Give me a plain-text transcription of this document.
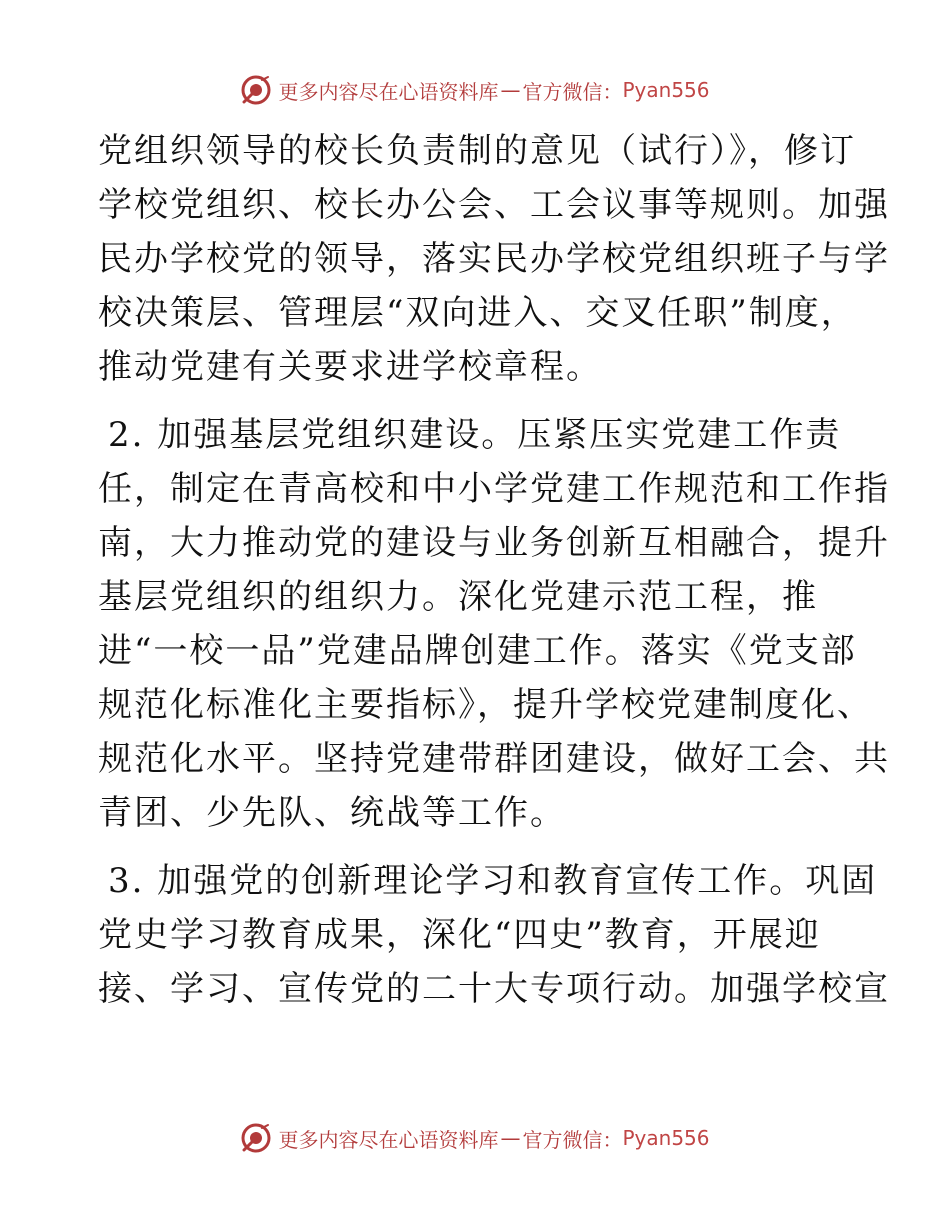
更多内容尽在心语资料库 — 官方微信： Pyan556
党组织领导的校长负责制的意见（试行）》，修订
学校党组织、校长办公会、工会议事等规则。加强
民办学校党的领导，落实民办学校党组织班子与学
校决策层、管理层“双向进入、交叉任职”制度，
推动党建有关要求进学校章程。
2. 加强基层党组织建设。压紧压实党建工作责
任，制定在青高校和中小学党建工作规范和工作指
南，大力推动党的建设与业务创新互相融合，提升
基层党组织的组织力。深化党建示范工程，推
进“一校一品”党建品牌创建工作。落实《党支部
规范化标准化主要指标》，提升学校党建制度化、
规范化水平。坚持党建带群团建设，做好工会、共
青团、少先队、统战等工作。
3. 加强党的创新理论学习和教育宣传工作。巩固
党史学习教育成果，深化“四史”教育，开展迎
接、学习、宣传党的二十大专项行动。加强学校宣
更多内容尽在心语资料库 — 官方微信： Pyan556
